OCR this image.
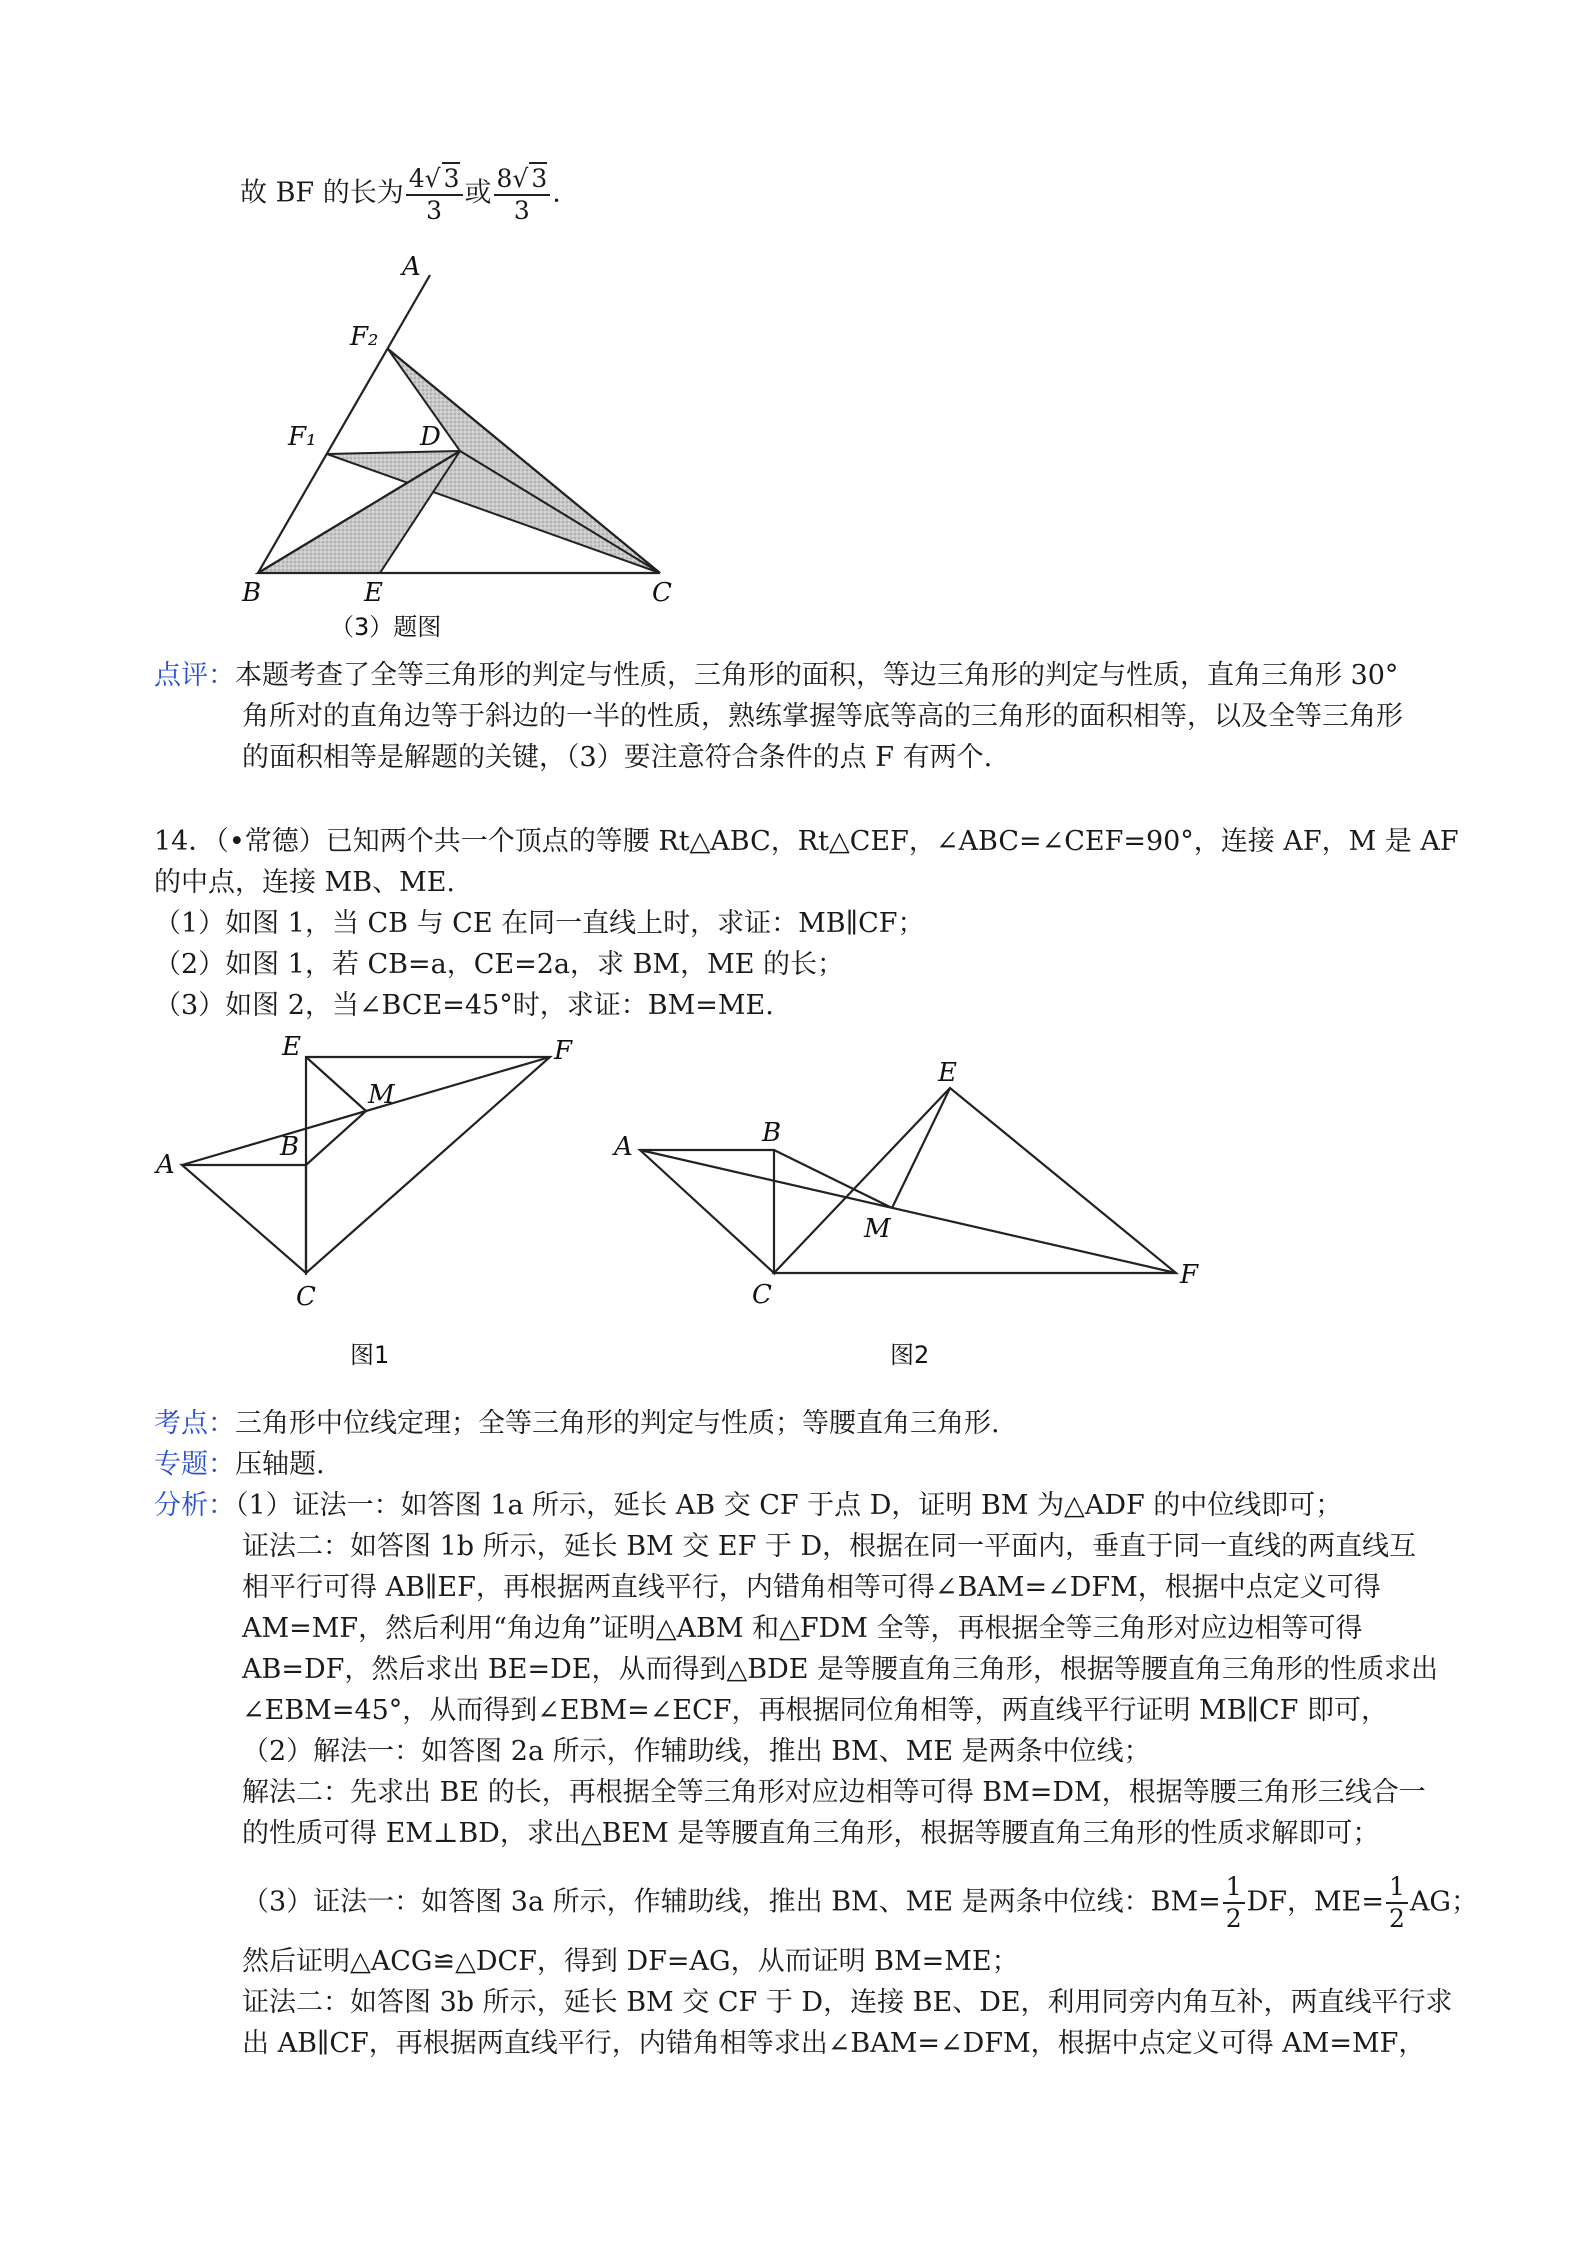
故 BF 的长为 $\frac{4√ 3}{3}$ 或 $\frac{8√ 3}{3}$ .
A
F₂
F₁	D
B	E	C
（3）题图
点评：本题考查了全等三角形的判定与性质，三角形的面积，等边三角形的判定与性质，直角三角形 30°
角所对的直角边等于斜边的一半的性质，熟练掌握等底等高的三角形的面积相等，以及全等三角形
的面积相等是解题的关键，（3）要注意符合条件的点 F 有两个.
14．（•常德）已知两个共一个顶点的等腰 Rt△ABC，Rt△CEF，∠ABC=∠CEF=90°，连接 AF，M 是 AF
的中点，连接 MB、ME.
（1）如图 1，当 CB 与 CE 在同一直线上时，求证：MB∥CF；
（2）如图 1，若 CB=a，CE=2a，求 BM，ME 的长；
（3）如图 2，当∠BCE=45°时，求证：BM=ME.
E	F
M
A
B
C
图1
A	B
E
M
C
F
图2
考点：三角形中位线定理；全等三角形的判定与性质；等腰直角三角形.
专题：压轴题.
分析：（1）证法一：如答图 1a 所示，延长 AB 交 CF 于点 D，证明 BM 为△ADF 的中位线即可；
证法二：如答图 1b 所示，延长 BM 交 EF 于 D，根据在同一平面内，垂直于同一直线的两直线互
相平行可得 AB∥EF，再根据两直线平行，内错角相等可得∠BAM=∠DFM，根据中点定义可得
AM=MF，然后利用“角边角”证明△ABM 和△FDM 全等，再根据全等三角形对应边相等可得
AB=DF，然后求出 BE=DE，从而得到△BDE 是等腰直角三角形，根据等腰直角三角形的性质求出
∠EBM=45°，从而得到∠EBM=∠ECF，再根据同位角相等，两直线平行证明 MB∥CF 即可，
（2）解法一：如答图 2a 所示，作辅助线，推出 BM、ME 是两条中位线；
解法二：先求出 BE 的长，再根据全等三角形对应边相等可得 BM=DM，根据等腰三角形三线合一
的性质可得 EM⊥BD，求出△BEM 是等腰直角三角形，根据等腰直角三角形的性质求解即可；
（3）证法一：如答图 3a 所示，作辅助线，推出 BM、ME 是两条中位线：$BM= \frac{1}{2}$ DF，$ME= \frac{1}{2}$ AG；
然后证明△ACG≌△DCF，得到 DF=AG，从而证明 BM=ME；
证法二：如答图 3b 所示，延长 BM 交 CF 于 D，连接 BE、DE，利用同旁内角互补，两直线平行求
出 AB∥CF，再根据两直线平行，内错角相等求出∠BAM=∠DFM，根据中点定义可得 AM=MF，
